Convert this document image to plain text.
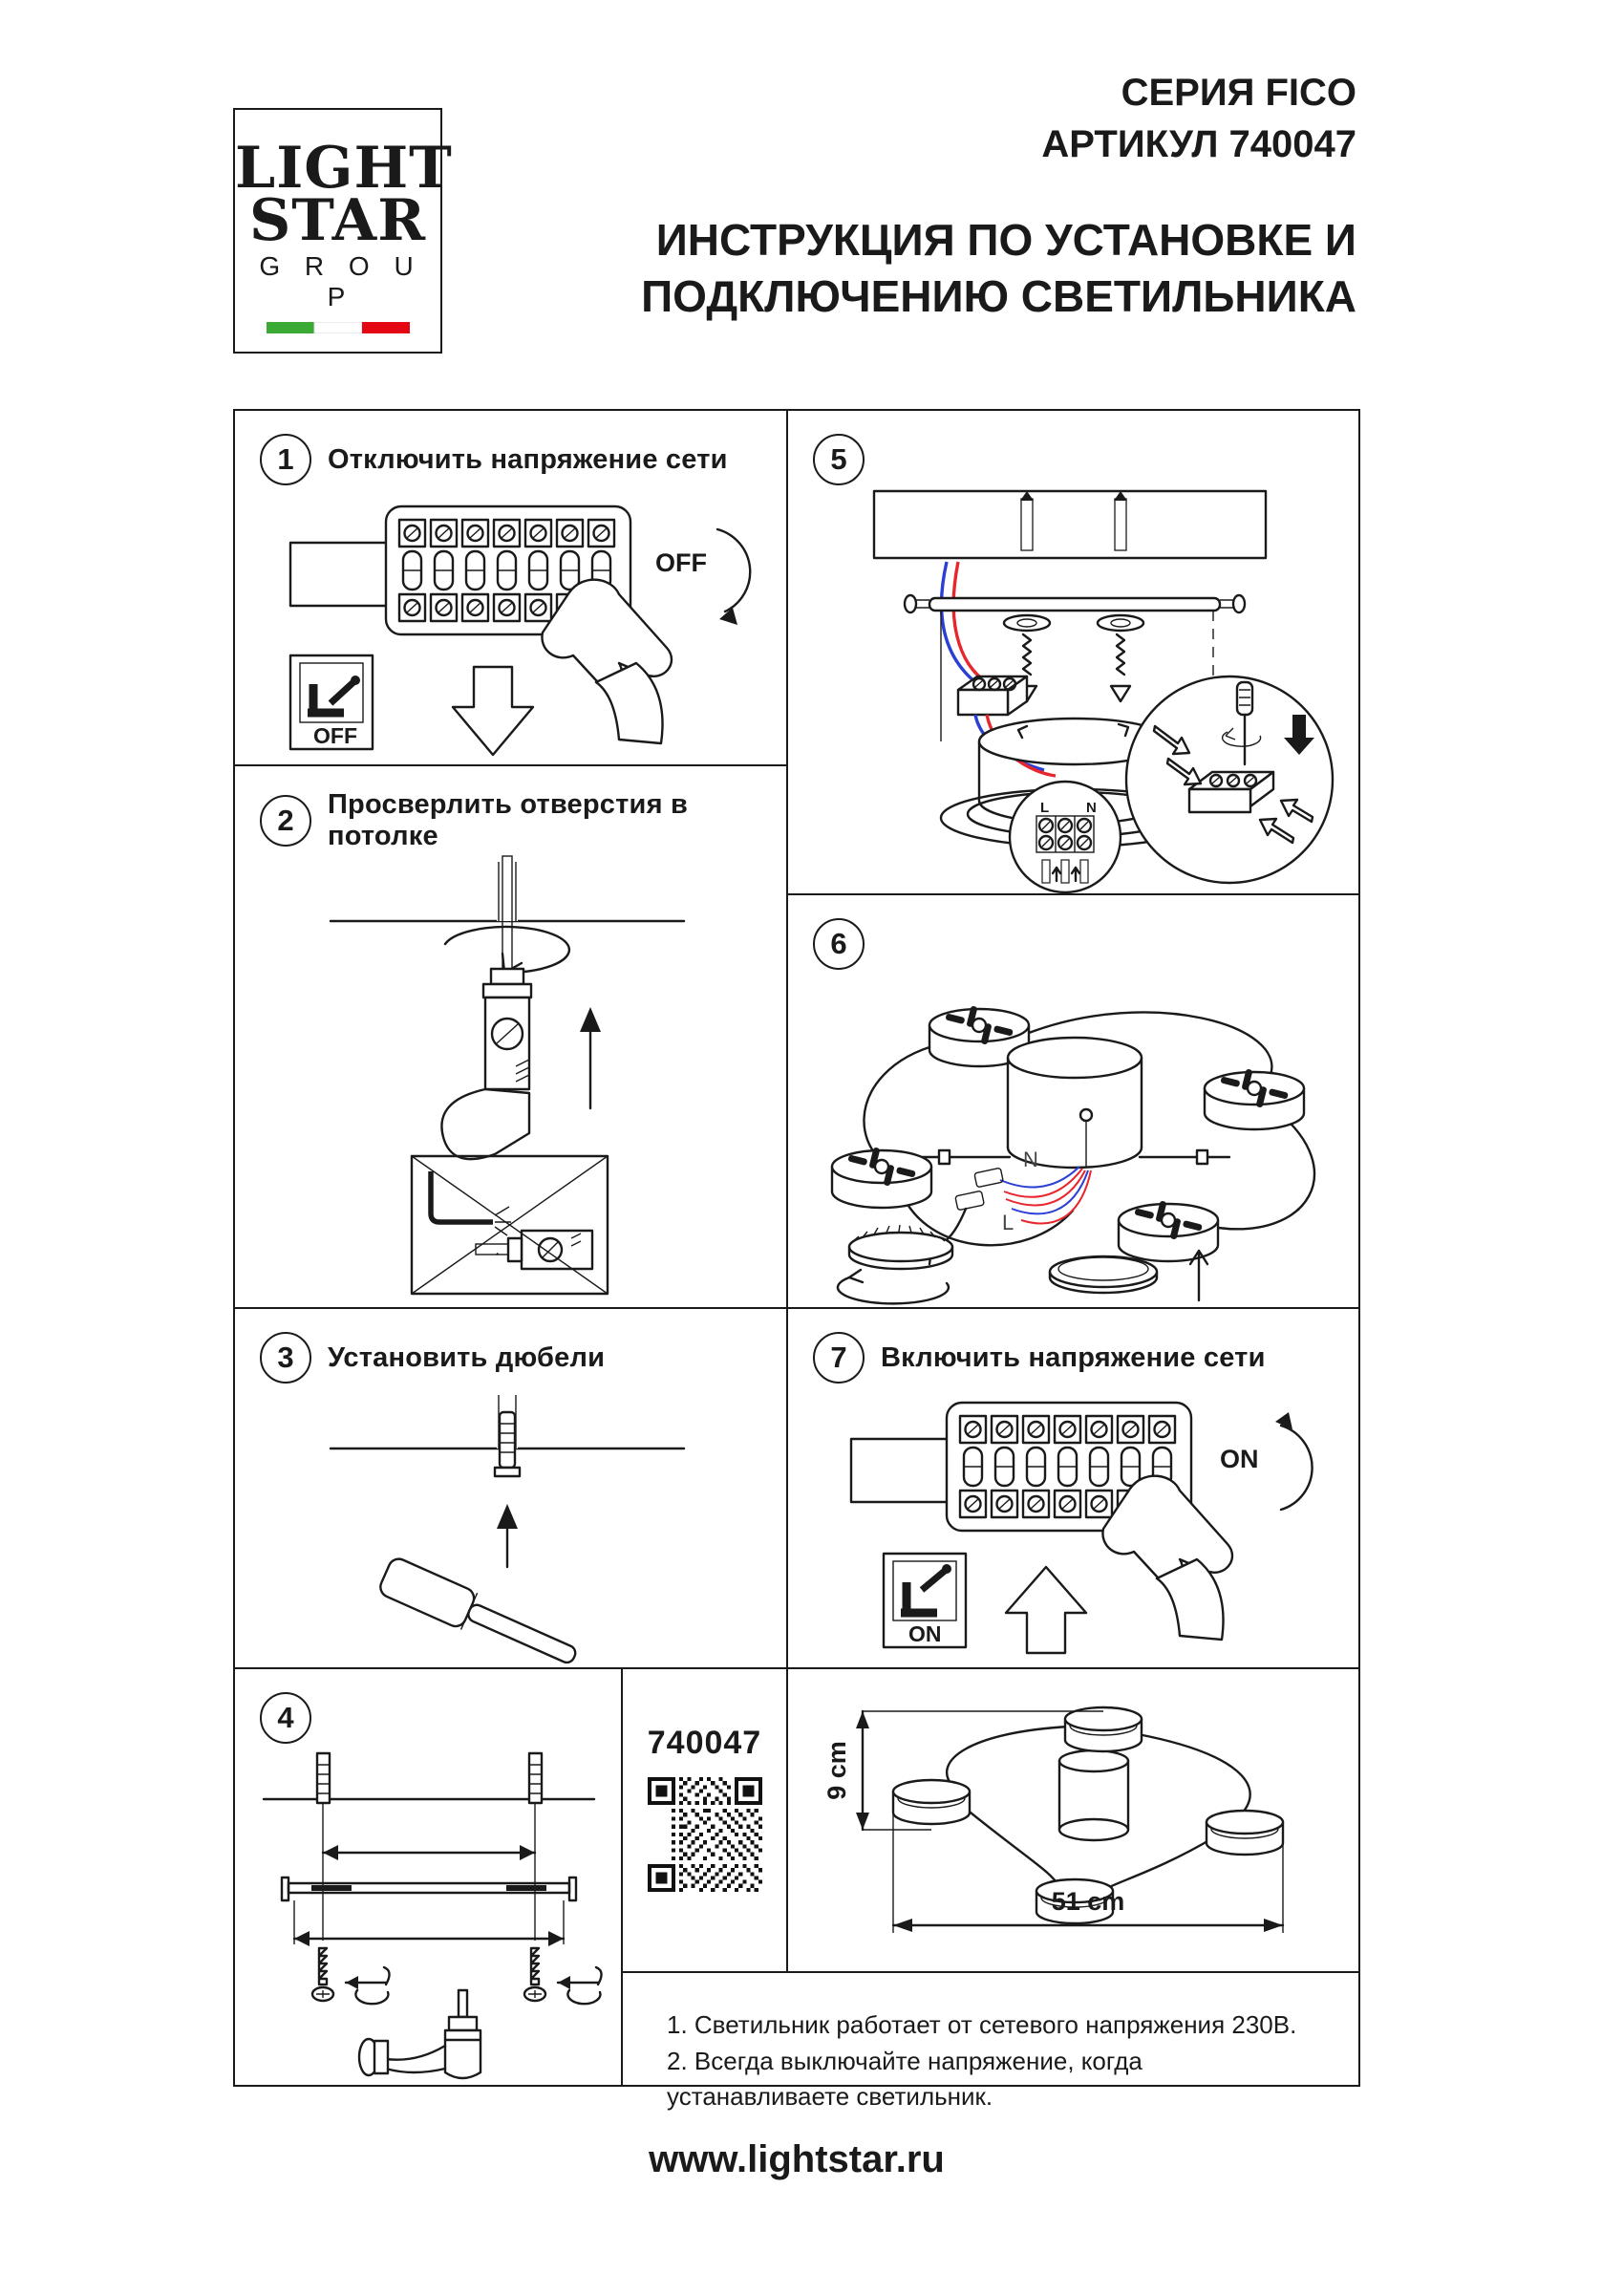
LIGHT
STAR
G R O U P
СЕРИЯ FICO
АРТИКУЛ 740047
ИНСТРУКЦИЯ ПО УСТАНОВКЕ И
ПОДКЛЮЧЕНИЮ СВЕТИЛЬНИКА
1	Отключить напряжение сети
OFF
OFF
2	Просверлить отверстия в потолке
3	Установить дюбели
4
5
L	N
6
N
L
7	Включить напряжение сети
ON
ON
740047	9 cm
51 cm
1. Светильник работает от сетевого напряжения 230В.
2. Всегда выключайте напряжение, когда устанавливаете светильник.
www.lightstar.ru
